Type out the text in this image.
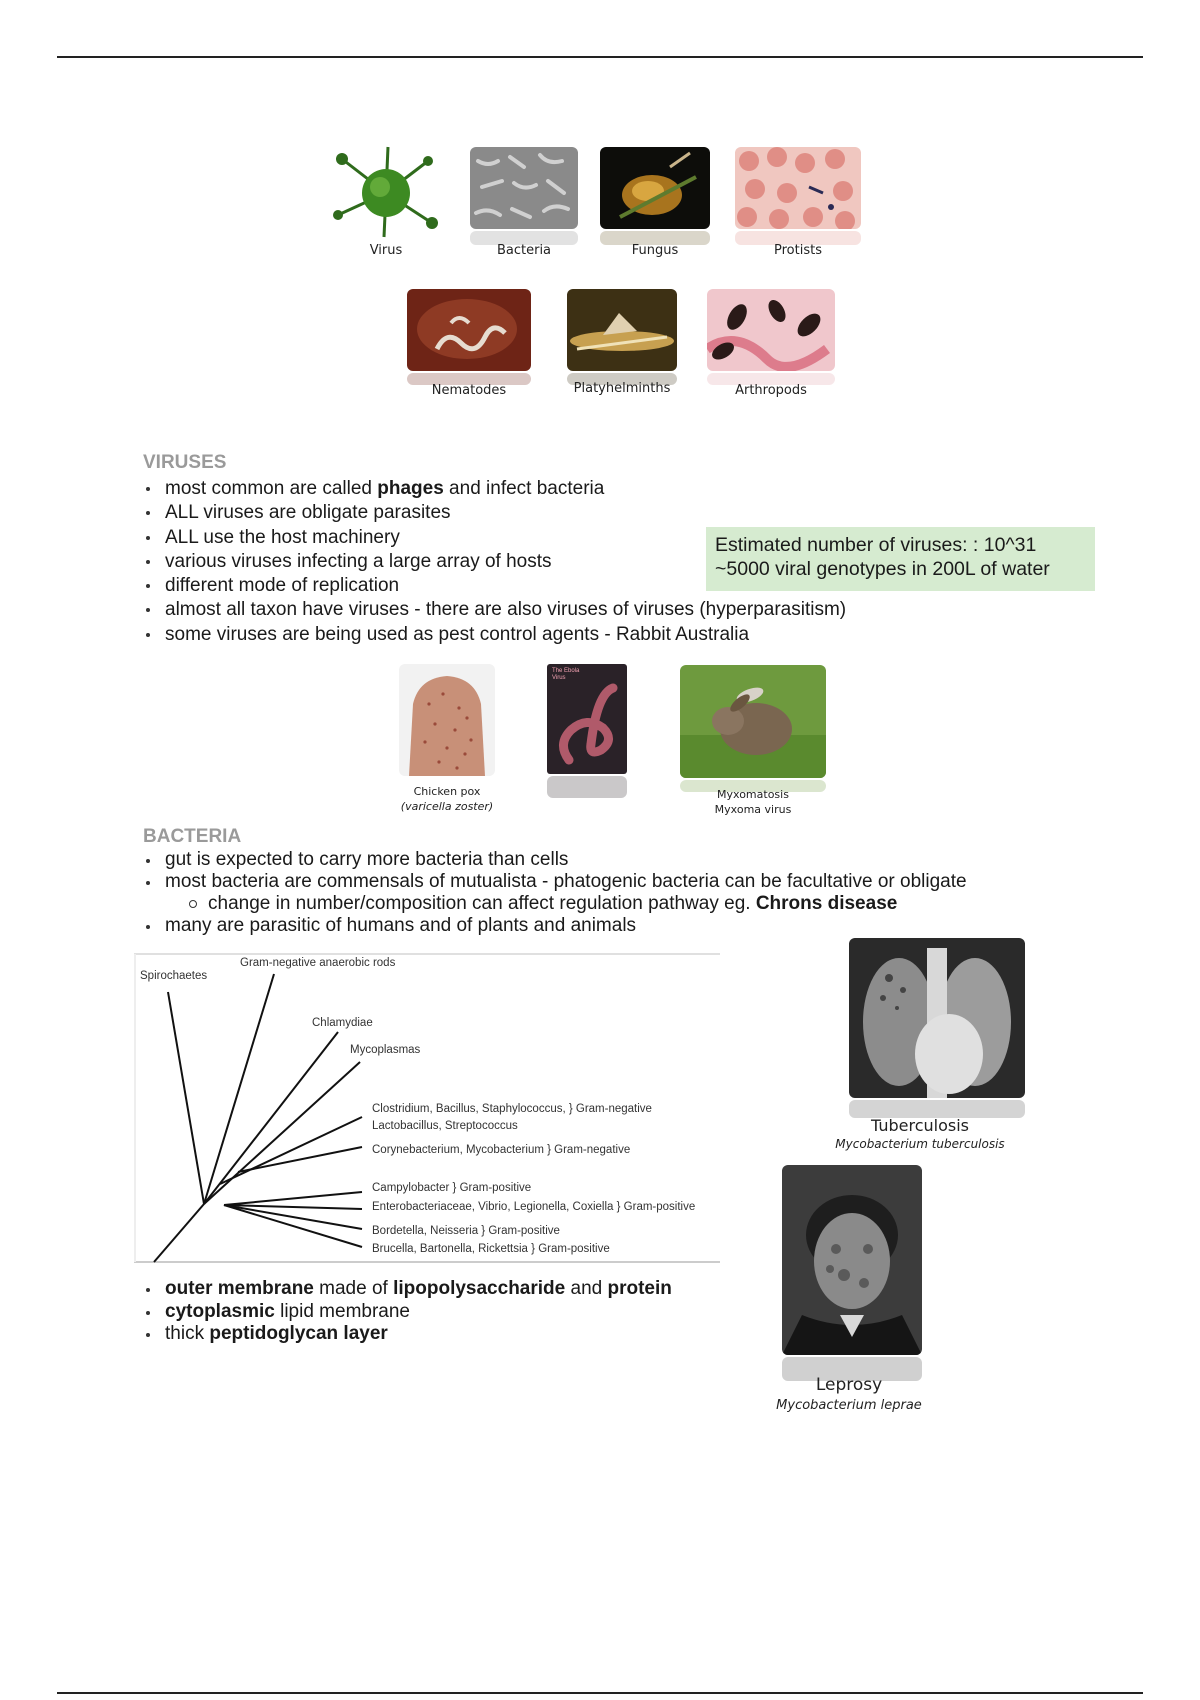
Virus	Bacteria	Fungus	Protists
Nematodes	Platyhelminths	Arthropods
VIRUSES
most common are called phages and infect bacteria
ALL viruses are obligate parasites
ALL use the host machinery
various viruses infecting a large array of hosts
different mode of replication
almost all taxon have viruses - there are also viruses of viruses (hyperparasitism)
some viruses are being used as pest control agents - Rabbit Australia
Estimated number of viruses: : 10^31
~5000 viral genotypes in 200L of water
Chicken pox
(varicella zoster)
The Ebola Virus
Myxomatosis
Myxoma virus
BACTERIA
gut is expected to carry more bacteria than cells
most bacteria are commensals of mutualista - phatogenic bacteria can be facultative or obligate
change in number/composition can affect regulation pathway eg. Chrons disease
many are parasitic of humans and of plants and animals
Spirochaetes
Gram-negative anaerobic rods
Chlamydiae
Mycoplasmas
Clostridium, Bacillus, Staphylococcus, } Gram-negative
Lactobacillus, Streptococcus
Corynebacterium, Mycobacterium } Gram-negative
Campylobacter } Gram-positive
Enterobacteriaceae, Vibrio, Legionella, Coxiella } Gram-positive
Bordetella, Neisseria } Gram-positive
Brucella, Bartonella, Rickettsia } Gram-positive
outer membrane made of lipopolysaccharide and protein
cytoplasmic lipid membrane
thick peptidoglycan layer
Tuberculosis
Mycobacterium tuberculosis
Leprosy
Mycobacterium leprae
